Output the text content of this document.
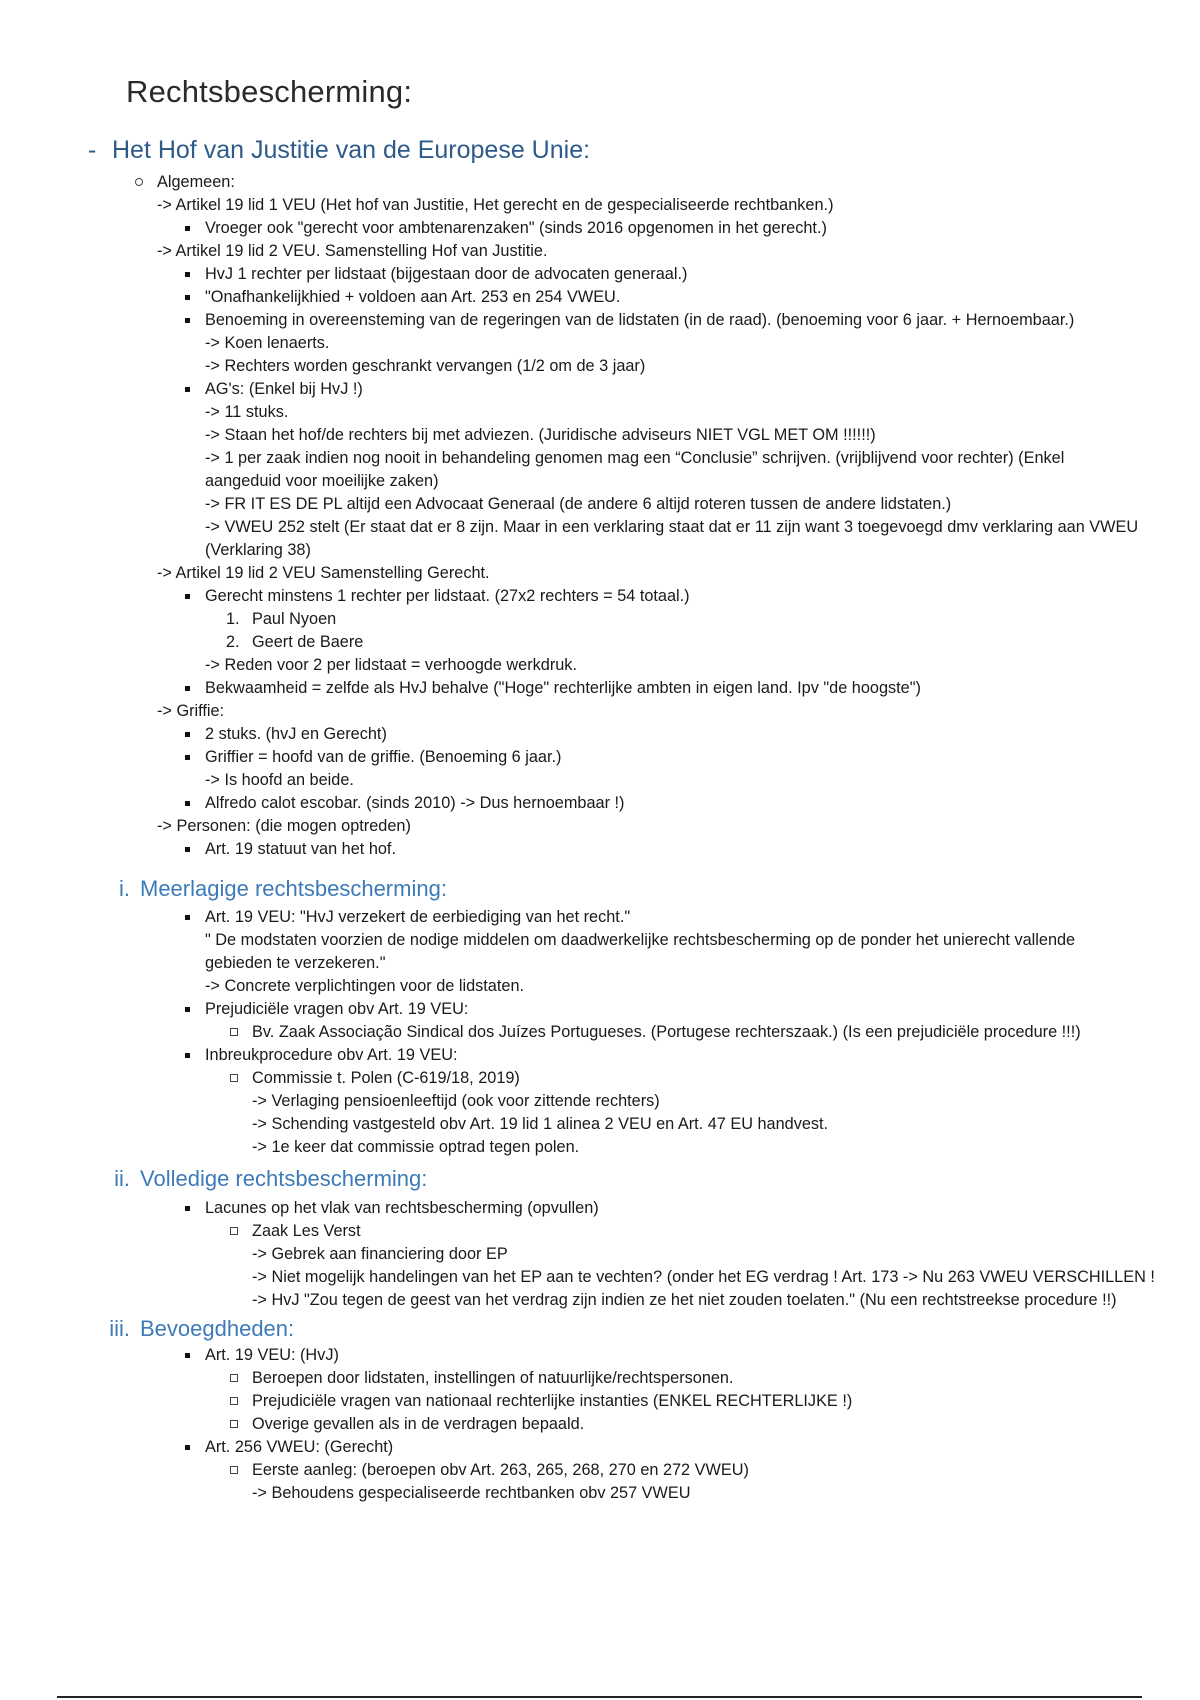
Rechtsbescherming:
- Het Hof van Justitie van de Europese Unie:
Algemeen:
-> Artikel 19 lid 1 VEU (Het hof van Justitie, Het gerecht en de gespecialiseerde rechtbanken.)
Vroeger ook "gerecht voor ambtenarenzaken" (sinds 2016 opgenomen in het gerecht.)
-> Artikel 19 lid 2 VEU. Samenstelling Hof van Justitie.
HvJ 1 rechter per lidstaat (bijgestaan door de advocaten generaal.)
"Onafhankelijkhied + voldoen aan Art. 253 en 254 VWEU.
Benoeming in overeensteming van de regeringen van de lidstaten (in de raad). (benoeming voor 6 jaar. + Hernoembaar.)
-> Koen lenaerts.
-> Rechters worden geschrankt vervangen (1/2 om de 3 jaar)
AG's: (Enkel bij HvJ !)
-> 11 stuks.
-> Staan het hof/de rechters bij met adviezen. (Juridische adviseurs NIET VGL MET OM !!!!!!)
-> 1 per zaak indien nog nooit in behandeling genomen mag een “Conclusie” schrijven. (vrijblijvend voor rechter) (Enkel
aangeduid voor moeilijke zaken)
-> FR IT ES DE PL altijd een Advocaat Generaal (de andere 6 altijd roteren tussen de andere lidstaten.)
-> VWEU 252 stelt (Er staat dat er 8 zijn. Maar in een verklaring staat dat er 11 zijn want 3 toegevoegd dmv verklaring aan VWEU
(Verklaring 38)
-> Artikel 19 lid 2 VEU Samenstelling Gerecht.
Gerecht minstens 1 rechter per lidstaat. (27x2 rechters = 54 totaal.)
1. Paul Nyoen
2. Geert de Baere
-> Reden voor 2 per lidstaat = verhoogde werkdruk.
Bekwaamheid = zelfde als HvJ behalve ("Hoge" rechterlijke ambten in eigen land. Ipv "de hoogste")
-> Griffie:
2 stuks. (hvJ en Gerecht)
Griffier = hoofd van de griffie. (Benoeming 6 jaar.)
-> Is hoofd an beide.
Alfredo calot escobar. (sinds 2010) -> Dus hernoembaar !)
-> Personen: (die mogen optreden)
Art. 19 statuut van het hof.
i. Meerlagige rechtsbescherming:
Art. 19 VEU: "HvJ verzekert de eerbiediging van het recht."
" De modstaten voorzien de nodige middelen om daadwerkelijke rechtsbescherming op de ponder het unierecht vallende
gebieden te verzekeren."
-> Concrete verplichtingen voor de lidstaten.
Prejudiciële vragen obv Art. 19 VEU:
Bv. Zaak Associação Sindical dos Juízes Portugueses. (Portugese rechterszaak.) (Is een prejudiciële procedure !!!)
Inbreukprocedure obv Art. 19 VEU:
Commissie t. Polen (C-619/18, 2019)
-> Verlaging pensioenleeftijd (ook voor zittende rechters)
-> Schending vastgesteld obv Art. 19 lid 1 alinea 2 VEU en Art. 47 EU handvest.
-> 1e keer dat commissie optrad tegen polen.
ii. Volledige rechtsbescherming:
Lacunes op het vlak van rechtsbescherming (opvullen)
Zaak Les Verst
-> Gebrek aan financiering door EP
-> Niet mogelijk handelingen van het EP aan te vechten? (onder het EG verdrag ! Art. 173 -> Nu 263 VWEU VERSCHILLEN !
-> HvJ "Zou tegen de geest van het verdrag zijn indien ze het niet zouden toelaten." (Nu een rechtstreekse procedure !!)
iii. Bevoegdheden:
Art. 19 VEU: (HvJ)
Beroepen door lidstaten, instellingen of natuurlijke/rechtspersonen.
Prejudiciële vragen van nationaal rechterlijke instanties (ENKEL RECHTERLIJKE !)
Overige gevallen als in de verdragen bepaald.
Art. 256 VWEU: (Gerecht)
Eerste aanleg: (beroepen obv Art. 263, 265, 268, 270 en 272 VWEU)
-> Behoudens gespecialiseerde rechtbanken obv 257 VWEU
